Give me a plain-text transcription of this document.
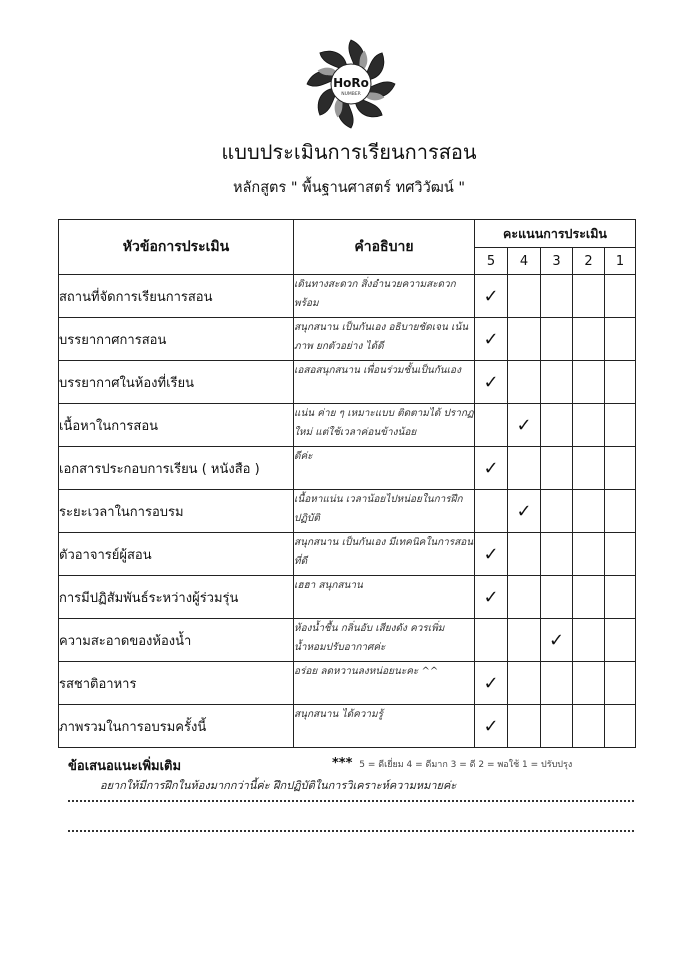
HoRo
NUMBER
แบบประเมินการเรียนการสอน
หลักสูตร " พื้นฐานศาสตร์ ทศวิวัฒน์ "
หัวข้อการประเมิน	คำอธิบาย	คะแนนการประเมิน				
		5	4	3	2	1
สถานที่จัดการเรียนการสอน	เดินทางสะดวก สิ่งอำนวยความสะดวกพร้อม	✓				
บรรยากาศการสอน	สนุกสนาน เป็นกันเอง อธิบายชัดเจน เน้นภาพ ยกตัวอย่าง ได้ดี	✓				
บรรยากาศในห้องที่เรียน	เอสอสนุกสนาน เพื่อนร่วมชั้นเป็นกันเอง	✓				
เนื้อหาในการสอน	แน่น ค่าย ๆ เหมาะแบบ ติดตามได้ ปรากฏใหม่ แต่ใช้เวลาค่อนข้างน้อย		✓			
เอกสารประกอบการเรียน ( หนังสือ )	ดีค่ะ	✓				
ระยะเวลาในการอบรม	เนื้อหาแน่น เวลาน้อยไปหน่อยในการฝึกปฏิบัติ		✓			
ตัวอาจารย์ผู้สอน	สนุกสนาน เป็นกันเอง มีเทคนิคในการสอนที่ดี	✓				
การมีปฏิสัมพันธ์ระหว่างผู้ร่วมรุ่น	เฮฮา สนุกสนาน	✓				
ความสะอาดของห้องน้ำ	ห้องน้ำชื้น กลิ่นอับ เสียงดัง ควรเพิ่มน้ำหอมปรับอากาศค่ะ			✓		
รสชาติอาหาร	อร่อย ลดหวานลงหน่อยนะคะ ^^	✓				
ภาพรวมในการอบรมครั้งนี้	สนุกสนาน ได้ความรู้	✓				
ข้อเสนอแนะเพิ่มเติม	*** 5 = ดีเยี่ยม 4 = ดีมาก 3 = ดี 2 = พอใช้ 1 = ปรับปรุง
อยากให้มีการฝึกในห้องมากกว่านี้ค่ะ ฝึกปฏิบัติในการวิเคราะห์ความหมายค่ะ
